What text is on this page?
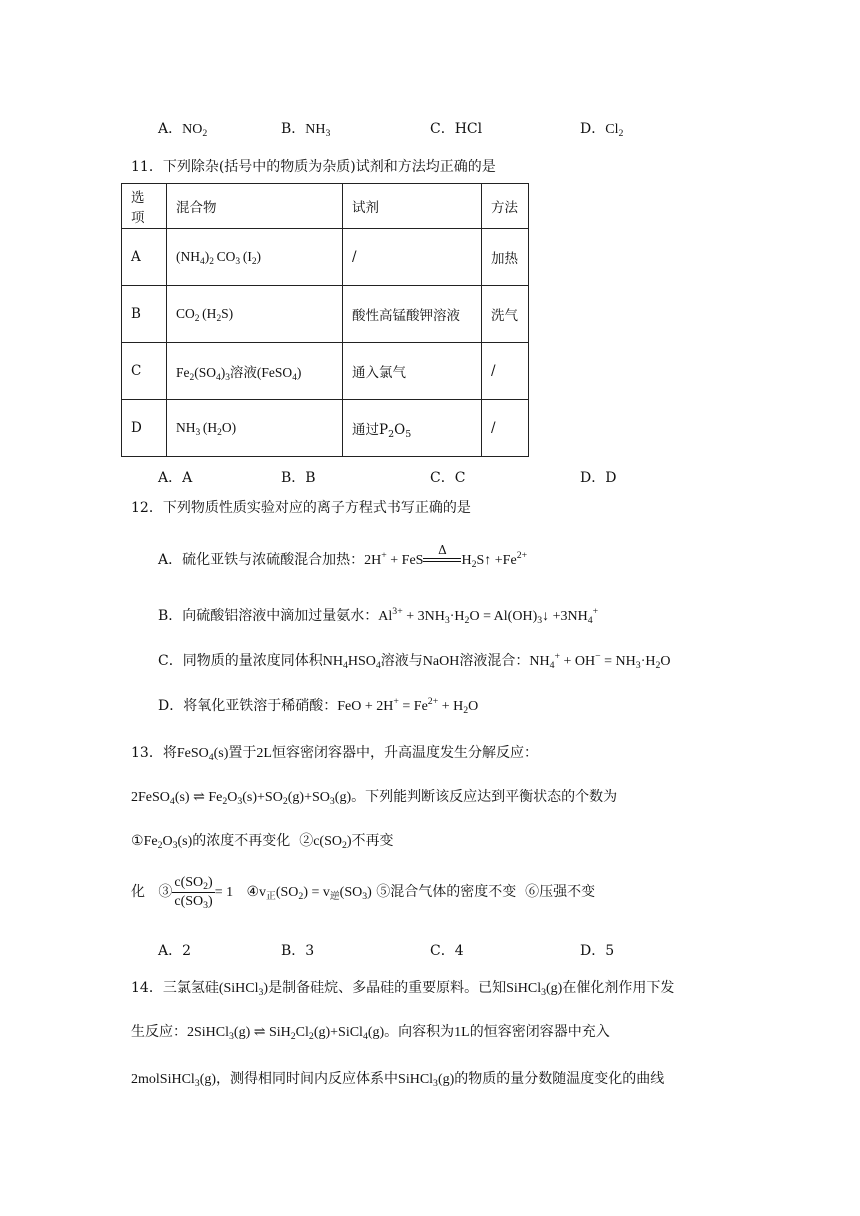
A．$NO_2$	B．$NH_3$	C．HCl	D．$Cl_2$
11．下列除杂(括号中的物质为杂质)试剂和方法均正确的是
选项	混合物	试剂	方法
A	$(NH_4)_2$ $CO_3$ $(I_2)$	/	加热
B	$CO_2$ $(H_2S)$	酸性高锰酸钾溶液	洗气
C	$Fe_2(SO_4)_3$溶液(FeSO$_4$)	通入氯气	/
D	$NH_3$ $(H_2O)$	通过$P_2O_5$	/
A．A	B．B	C．C	D．D
12．下列物质性质实验对应的离子方程式书写正确的是
A．硫化亚铁与浓硫酸混合加热：2H+ + FeS
Δ
$H_2S↑ +Fe^{2+}$
B．向硫酸铝溶液中滴加过量氨水：$Al^{3+} + 3NH_3\cdot H_2O$ = $Al(OH)_3↓ +3NH_4^+$
C．同物质的量浓度同体积$NH_4HSO_4$溶液与NaOH溶液混合：$NH_4^+ + OH^- = NH_3\cdot H_2O$
D．将氧化亚铁溶于稀硝酸：FeO + $2H^+ = Fe^{2+} + H_2O$
13．将FeSO$_4$(s)置于2L恒容密闭容器中，升高温度发生分解反应：
2FeSO$_4$(s) ⇌ $Fe_2O_3(s)+SO_2(g)+SO_3(g)$。下列能判断该反应达到平衡状态的个数为
$①Fe_2O_3(s)$的浓度不再变化 $②c(SO_2)$不再变
化 ③ $\frac{c(SO_2)}{c(SO_3)} = 1$ $④v_正(SO_2) = v_逆(SO_3)$ ⑤混合气体的密度不变 ⑥压强不变
A．2	B．3	C．4	D．5
14．三氯氢硅(SiHCl$_3$)是制备硅烷、多晶硅的重要原料。已知SiHCl$_3$(g)在催化剂作用下发
生反应：2SiHCl$_3$(g) ⇌ $SiH_2Cl_2(g)+SiCl_4(g)$。向容积为1L的恒容密闭容器中充入
2molSiHCl$_3$(g)，测得相同时间内反应体系中SiHCl$_3$(g)的物质的量分数随温度变化的曲线
